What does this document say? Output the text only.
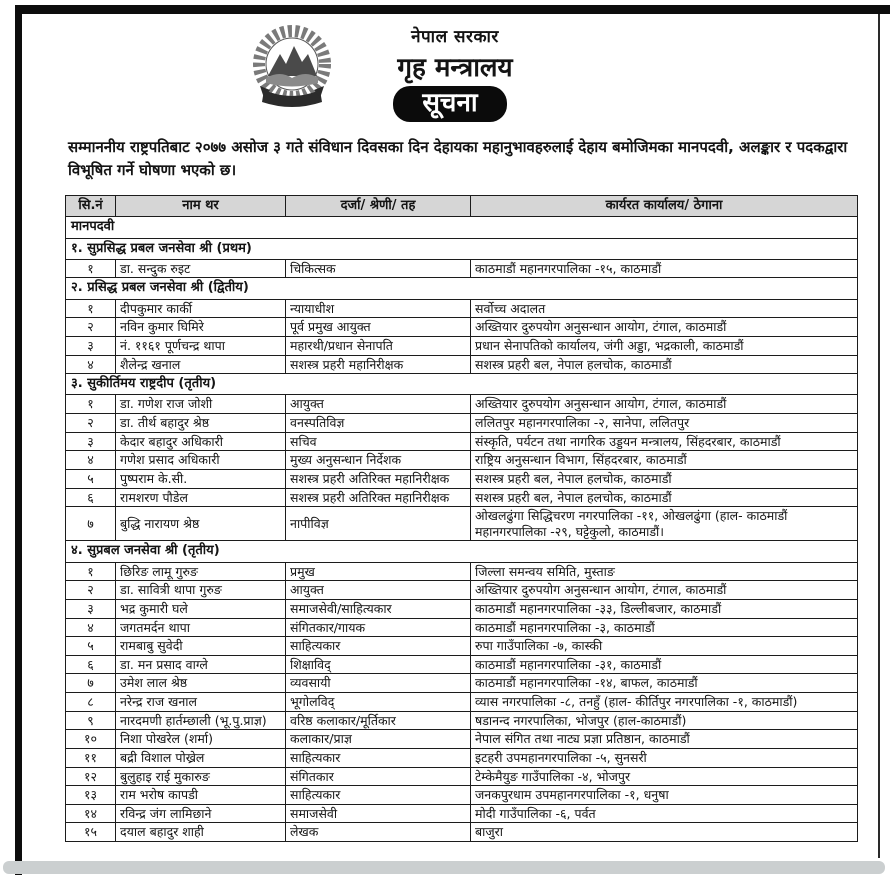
नेपाल सरकार
गृह मन्त्रालय
सूचना
सम्माननीय राष्ट्रपतिबाट २०७७ असोज ३ गते संविधान दिवसका दिन देहायका महानुभावहरुलाई देहाय बमोजिमका मानपदवी, अलङ्कार र पदकद्वारा विभूषित गर्ने घोषणा भएको छ।
सि.नं	नाम थर	दर्जा/ श्रेणी/ तह	कार्यरत कार्यालय/ ठेगाना
मानपदवी			
१. सुप्रसिद्ध प्रबल जनसेवा श्री (प्रथम)			
१	डा. सन्दुक रुइट	चिकित्सक	काठमाडौं महानगरपालिका -१५, काठमाडौं
२. प्रसिद्ध प्रबल जनसेवा श्री (द्वितीय)			
१	दीपकुमार कार्की	न्यायाधीश	सर्वोच्च अदालत
२	नविन कुमार घिमिरे	पूर्व प्रमुख आयुक्त	अख्तियार दुरुपयोग अनुसन्धान आयोग, टंगाल, काठमाडौं
३	नं. ११६१ पूर्णचन्द्र थापा	महारथी/प्रधान सेनापति	प्रधान सेनापतिको कार्यालय, जंगी अड्डा, भद्रकाली, काठमाडौं
४	शैलेन्द्र खनाल	सशस्त्र प्रहरी महानिरीक्षक	सशस्त्र प्रहरी बल, नेपाल हलचोक, काठमाडौं
३. सुकीर्तिमय राष्ट्रदीप (तृतीय)			
१	डा. गणेश राज जोशी	आयुक्त	अख्तियार दुरुपयोग अनुसन्धान आयोग, टंगाल, काठमाडौं
२	डा. तीर्थ बहादुर श्रेष्ठ	वनस्पतिविज्ञ	ललितपुर महानगरपालिका -२, सानेपा, ललितपुर
३	केदार बहादुर अधिकारी	सचिव	संस्कृति, पर्यटन तथा नागरिक उड्डयन मन्त्रालय, सिंहदरबार, काठमाडौं
४	गणेश प्रसाद अधिकारी	मुख्य अनुसन्धान निर्देशक	राष्ट्रिय अनुसन्धान विभाग, सिंहदरबार, काठमाडौं
५	पुष्पराम के.सी.	सशस्त्र प्रहरी अतिरिक्त महानिरीक्षक	सशस्त्र प्रहरी बल, नेपाल हलचोक, काठमाडौं
६	रामशरण पौडेल	सशस्त्र प्रहरी अतिरिक्त महानिरीक्षक	सशस्त्र प्रहरी बल, नेपाल हलचोक, काठमाडौं
७	बुद्धि नारायण श्रेष्ठ	नापीविज्ञ	ओखलढुंगा सिद्धिचरण नगरपालिका -११, ओखलढुंगा (हाल- काठमाडौं महानगरपालिका -२९, घट्टेकुलो, काठमाडौं।
४. सुप्रबल जनसेवा श्री (तृतीय)			
१	छिरिङ लामू गुरुङ	प्रमुख	जिल्ला समन्वय समिति, मुस्ताङ
२	डा. सावित्री थापा गुरुङ	आयुक्त	अख्तियार दुरुपयोग अनुसन्धान आयोग, टंगाल, काठमाडौं
३	भद्र कुमारी घले	समाजसेवी/साहित्यकार	काठमाडौं महानगरपालिका -३३, डिल्लीबजार, काठमाडौं
४	जगतमर्दन थापा	संगितकार/गायक	काठमाडौं महानगरपालिका -३, काठमाडौं
५	रामबाबु सुवेदी	साहित्यकार	रुपा गाउँपालिका -७, कास्की
६	डा. मन प्रसाद वाग्ले	शिक्षाविद्	काठमाडौं महानगरपालिका -३१, काठमाडौं
७	उमेश लाल श्रेष्ठ	व्यवसायी	काठमाडौं महानगरपालिका -१४, बाफल, काठमाडौं
८	नरेन्द्र राज खनाल	भूगोलविद्	व्यास नगरपालिका -८, तनहुँ (हाल- कीर्तिपुर नगरपालिका -१, काठमाडौं)
९	नारदमणी हार्तम्छाली (भू.पु.प्राज्ञ)	वरिष्ठ कलाकार/मूर्तिकार	षडानन्द नगरपालिका, भोजपुर (हाल-काठमाडौं)
१०	निशा पोखरेल (शर्मा)	कलाकार/प्राज्ञ	नेपाल संगित तथा नाट्य प्रज्ञा प्रतिष्ठान, काठमाडौं
११	बद्री विशाल पोख्रेल	साहित्यकार	इटहरी उपमहानगरपालिका -५, सुनसरी
१२	बुलुहाइ राई मुकारुङ	संगितकार	टेम्केमैयुङ गाउँपालिका -४, भोजपुर
१३	राम भरोष कापडी	साहित्यकार	जनकपुरधाम उपमहानगरपालिका -१, धनुषा
१४	रविन्द्र जंग लामिछाने	समाजसेवी	मोदी गाउँपालिका -६, पर्वत
१५	दयाल बहादुर शाही	लेखक	बाजुरा
